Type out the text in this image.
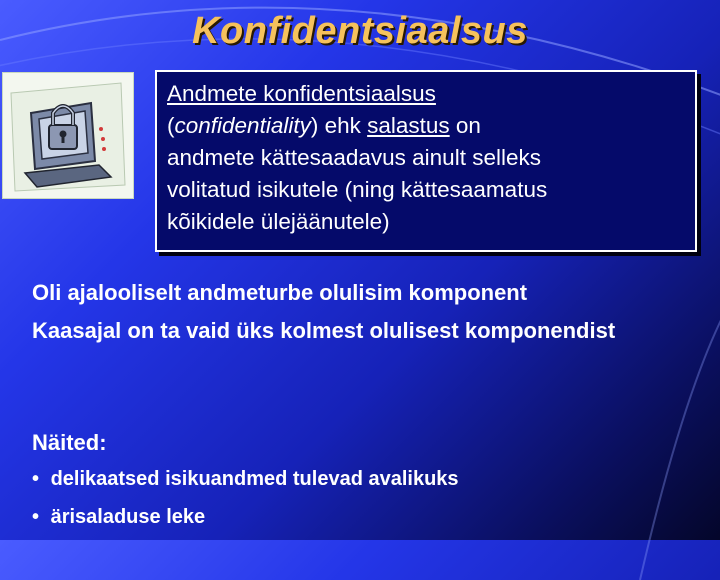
Konfidentsiaalsus
Andmete konfidentsiaalsus
(confidentiality) ehk salastus on
andmete kättesaadavus ainult selleks
volitatud isikutele (ning kättesaamatus
kõikidele ülejäänutele)
Oli ajalooliselt andmeturbe olulisim komponent
Kaasajal on ta vaid üks kolmest olulisest komponendist
Näited:
• delikaatsed isikuandmed tulevad avalikuks
• ärisaladuse leke
